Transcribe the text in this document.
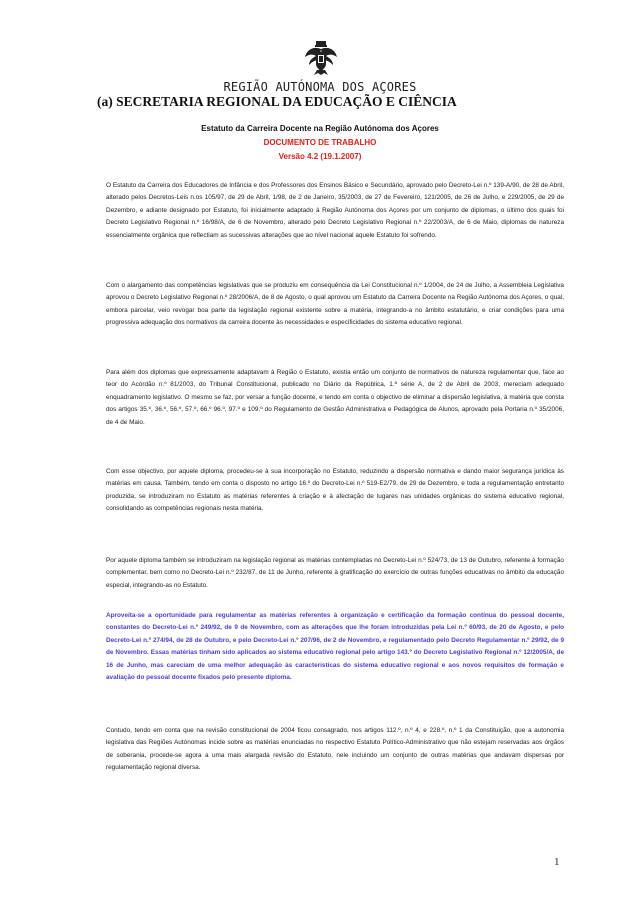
REGIÃO AUTÓNOMA DOS AÇORES
(a) SECRETARIA REGIONAL DA EDUCAÇÃO E CIÊNCIA
Estatuto da Carreira Docente na Região Autónoma dos Açores
DOCUMENTO DE TRABALHO
Versão 4.2 (19.1.2007)

O Estatuto da Carreira dos Educadores de Infância e dos Professores dos Ensinos Básico e Secundário, aprovado pelo Decreto-Lei n.º 139-A/90, de 28 de Abril, alterado pelos Decretos-Leis n.os 105/97, de 29 de Abril, 1/98, de 2 de Janeiro, 35/2003, de 27 de Fevereiro, 121/2005, de 26 de Julho, e 229/2005, de 29 de Dezembro, e adiante designado por Estatuto, foi inicialmente adaptado à Região Autónoma dos Açores por um conjunto de diplomas, o último dos quais foi Decreto Legislativo Regional n.º 16/98/A, de 6 de Novembro, alterado pelo Decreto Legislativo Regional n.º 22/2003/A, de 6 de Maio, diplomas de natureza essencialmente orgânica que reflectiam as sucessivas alterações que ao nível nacional aquele Estatuto foi sofrendo.

Com o alargamento das competências legislativas que se produziu em consequência da Lei Constitucional n.º 1/2004, de 24 de Julho, a Assembleia Legislativa aprovou o Decreto Legislativo Regional n.º 28/2006/A, de 8 de Agosto, o qual aprovou um Estatuto da Carreira Docente na Região Autónoma dos Açores, o qual, embora parcelar, veio revogar boa parte da legislação regional existente sobre a matéria, integrando-a no âmbito estatutário, e criar condições para uma progressiva adequação dos normativos da carreira docente às necessidades e especificidades do sistema educativo regional.

Para além dos diplomas que expressamente adaptavam à Região o Estatuto, existia então um conjunto de normativos de natureza regulamentar que, face ao teor do Acórdão n.º 81/2003, do Tribunal Constitucional, publicado no Diário da República, 1.ª série A, de 2 de Abril de 2003, mereciam adequado enquadramento legislativo. O mesmo se faz, por versar a função docente, e tendo em conta o objectivo de eliminar a dispersão legislativa, à matéria que consta dos artigos 35.º, 36.º, 56.º, 57.º, 66.º 96.º, 97.º e 109.º do Regulamento de Gestão Administrativa e Pedagógica de Alunos, aprovado pela Portaria n.º 35/2006, de 4 de Maio.

Com esse objectivo, por aquele diploma, procedeu-se à sua incorporação no Estatuto, reduzindo a dispersão normativa e dando maior segurança jurídica às matérias em causa. Também, tendo em conta o disposto no artigo 16.º do Decreto-Lei n.º 519-E2/79, de 29 de Dezembro, e toda a regulamentação entretanto produzida, se introduziram no Estatuto as matérias referentes à criação e à afectação de lugares nas unidades orgânicas do sistema educativo regional, consolidando as competências regionais nesta matéria.

Por aquele diploma também se introduziram na legislação regional as matérias contempladas no Decreto-Lei n.º 524/73, de 13 de Outubro, referente à formação complementar, bem como no Decreto-Lei n.º 232/87, de 11 de Junho, referente à gratificação do exercício de outras funções educativas no âmbito da educação especial, integrando-as no Estatuto.

Aproveita-se a oportunidade para regulamentar as matérias referentes à organização e certificação da formação contínua do pessoal docente, constantes do Decreto-Lei n.º 249/92, de 9 de Novembro, com as alterações que lhe foram introduzidas pela Lei n.º 60/93, de 20 de Agosto, e pelo Decreto-Lei n.º 274/94, de 28 de Outubro, e pelo Decreto-Lei n.º 207/96, de 2 de Novembro, e regulamentado pelo Decreto Regulamentar n.º 29/92, de 9 de Novembro. Essas matérias tinham sido aplicados ao sistema educativo regional pelo artigo 143.º do Decreto Legislativo Regional n.º 12/2005/A, de 16 de Junho, mas careciam de uma melhor adequação às características do sistema educativo regional e aos novos requisitos de formação e avaliação do pessoal docente fixados pelo presente diploma.

Contudo, tendo em conta que na revisão constitucional de 2004 ficou consagrado, nos artigos 112.º, n.º 4, e 228.º, n.º 1 da Constituição, que a autonomia legislativa das Regiões Autónomas incide sobre as matérias enunciadas no respectivo Estatuto Político-Administrativo que não estejam reservadas aos órgãos de soberania, procede-se agora a uma mais alargada revisão do Estatuto, nele incluindo um conjunto de outras matérias que andavam dispersas por regulamentação regional diversa.

1
